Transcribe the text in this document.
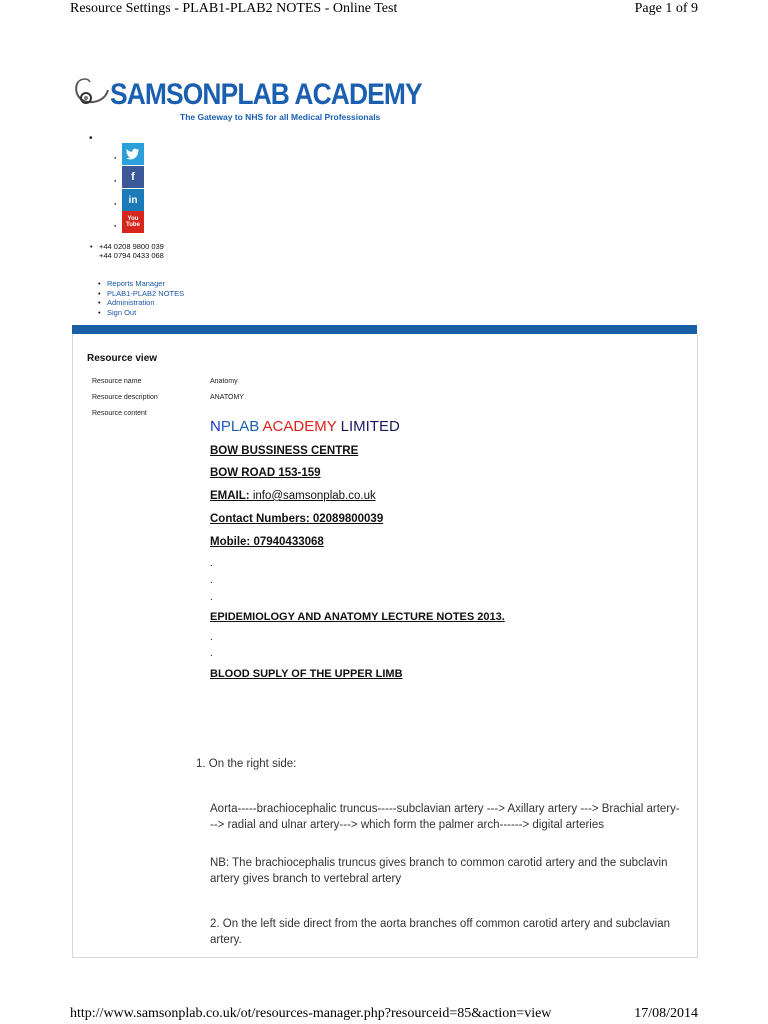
Resource Settings - PLAB1-PLAB2 NOTES - Online Test	Page 1 of 9
SAMSONPLAB ACADEMY
The Gateway to NHS for all Medical Professionals
•
▪
▪	f
▪	in
▪
You Tube
• +44 0208 9800 039
+44 0794 0433 068
• Reports Manager
• PLAB1-PLAB2 NOTES
• Administration
• Sign Out
Resource view
Resource name	Anatomy
Resource description	ANATOMY
Resource content
NPLAB ACADEMY LIMITED
BOW BUSSINESS CENTRE
BOW ROAD 153-159
EMAIL: info@samsonplab.co.uk
Contact Numbers: 02089800039
Mobile: 07940433068
.
.
.
EPIDEMIOLOGY AND ANATOMY LECTURE NOTES 2013.
.
.
BLOOD SUPLY OF THE UPPER LIMB
1. On the right side:
Aorta-----brachiocephalic truncus-----subclavian artery ---> Axillary artery ---> Brachial artery---> radial and ulnar artery---> which form the palmer arch------> digital arteries
NB: The brachiocephalis truncus gives branch to common carotid artery and the subclavin artery gives branch to vertebral artery
2. On the left side direct from the aorta branches off common carotid artery and subclavian artery.
http://www.samsonplab.co.uk/ot/resources-manager.php?resourceid=85&action=view	17/08/2014
